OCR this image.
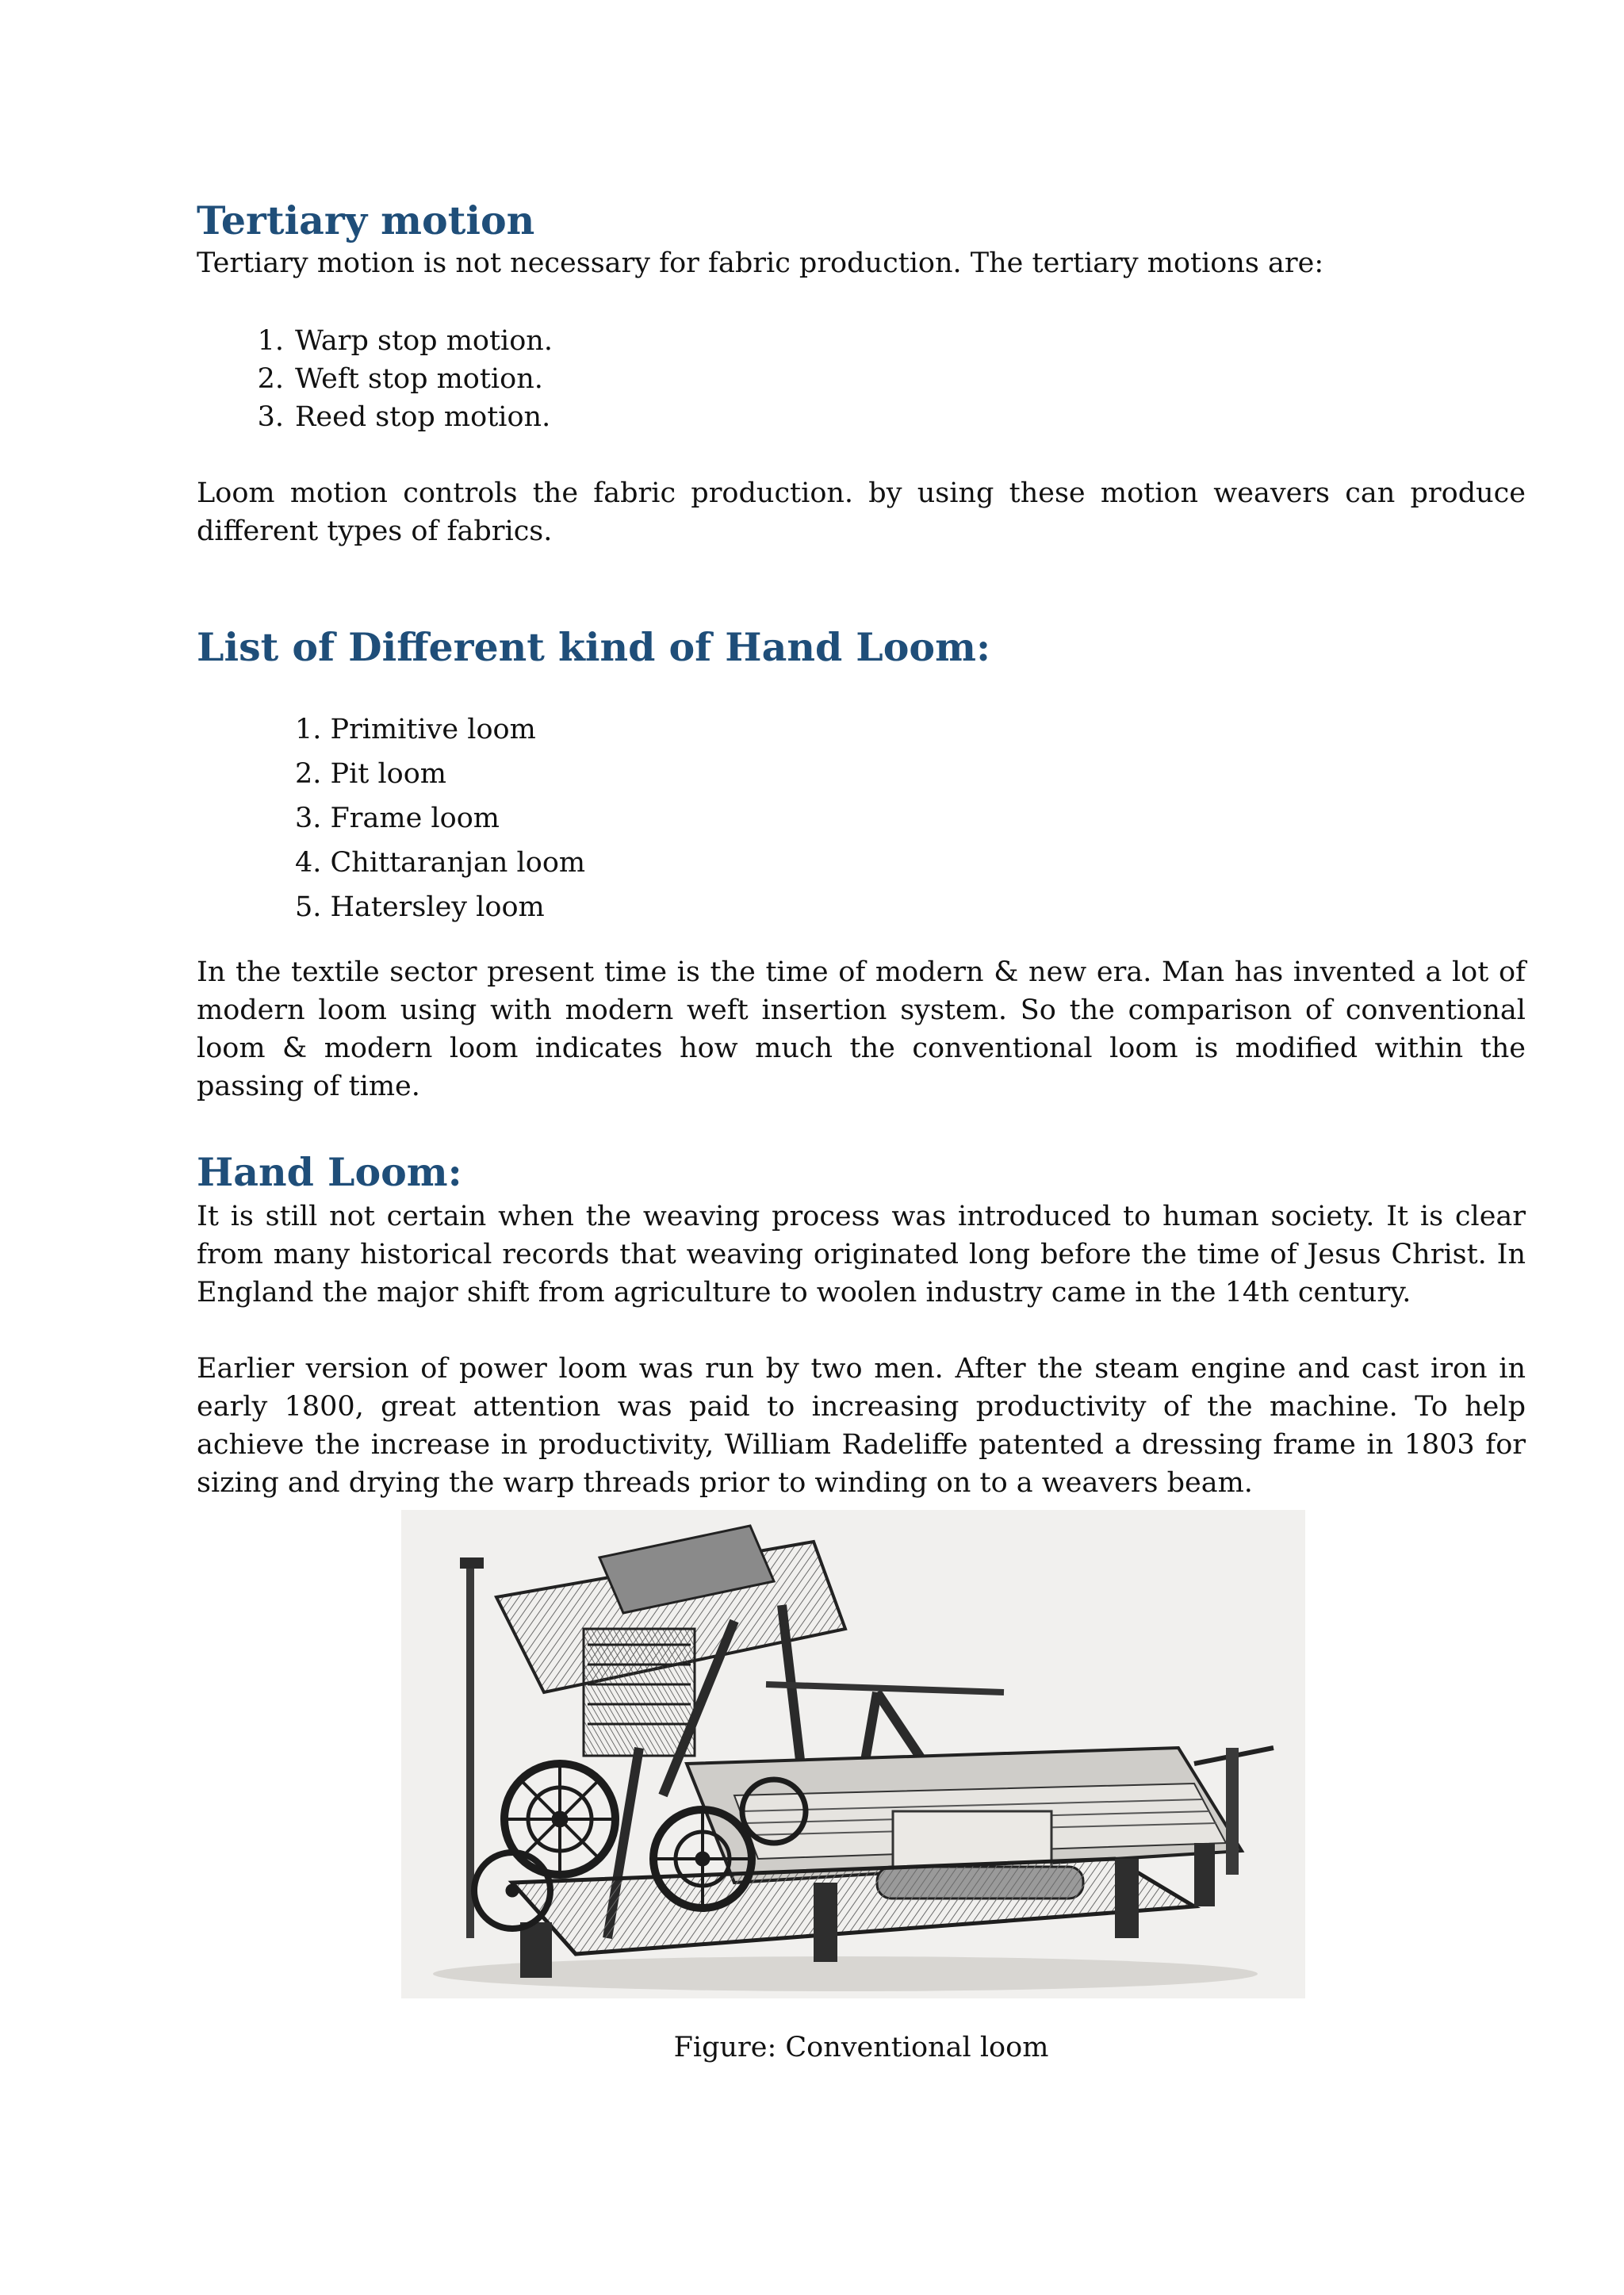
Tertiary motion

Tertiary motion is not necessary for fabric production. The tertiary motions are:

1. Warp stop motion.
2. Weft stop motion.
3. Reed stop motion.

Loom motion controls the fabric production. by using these motion weavers can produce different types of fabrics.

List of Different kind of Hand Loom:
1. Primitive loom
2. Pit loom
3. Frame loom
4. Chittaranjan loom
5. Hatersley loom

In the textile sector present time is the time of modern & new era. Man has invented a lot of modern loom using with modern weft insertion system. So the comparison of conventional loom & modern loom indicates how much the conventional loom is modified within the passing of time.

Hand Loom:

It is still not certain when the weaving process was introduced to human society. It is clear from many historical records that weaving originated long before the time of Jesus Christ. In England the major shift from agriculture to woolen industry came in the 14th century.

Earlier version of power loom was run by two men. After the steam engine and cast iron in early 1800, great attention was paid to increasing productivity of the machine. To help achieve the increase in productivity, William Radeliffe patented a dressing frame in 1803 for sizing and drying the warp threads prior to winding on to a weavers beam.

Figure: Conventional loom
